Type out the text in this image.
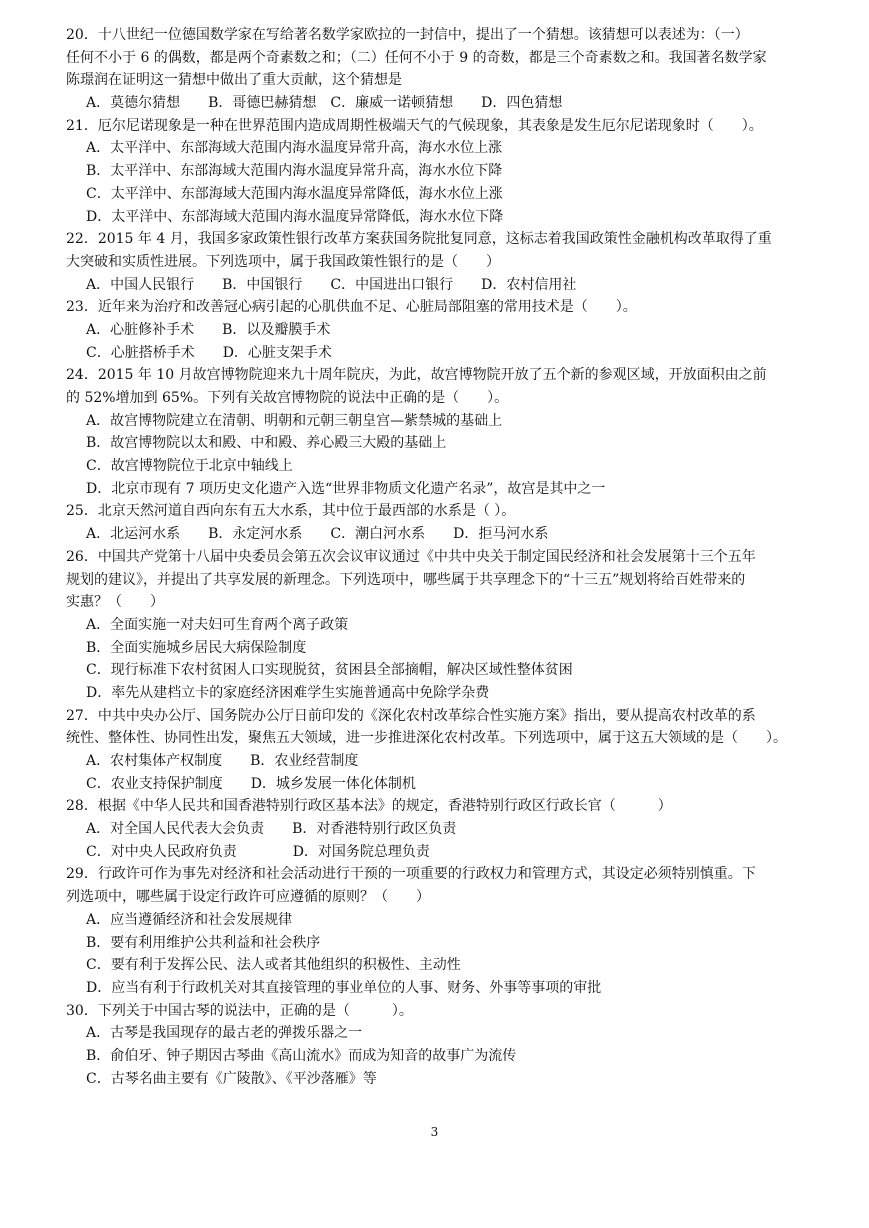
20．十八世纪一位德国数学家在写给著名数学家欧拉的一封信中，提出了一个猜想。该猜想可以表述为：（一）
任何不小于 6 的偶数，都是两个奇素数之和；（二）任何不小于 9 的奇数，都是三个奇素数之和。我国著名数学家
陈璟润在证明这一猜想中做出了重大贡献，这个猜想是
A．莫德尔猜想　　B．哥德巴赫猜想　C．廉威一诺顿猜想　　D．四色猜想
21．厄尔尼诺现象是一种在世界范围内造成周期性极端天气的气候现象，其表象是发生厄尔尼诺现象时（　　）。
A．太平洋中、东部海域大范围内海水温度异常升高，海水水位上涨
B．太平洋中、东部海域大范围内海水温度异常升高，海水水位下降
C．太平洋中、东部海域大范围内海水温度异常降低，海水水位上涨
D．太平洋中、东部海域大范围内海水温度异常降低，海水水位下降
22．2015 年 4 月，我国多家政策性银行改革方案获国务院批复同意，这标志着我国政策性金融机构改革取得了重
大突破和实质性进展。下列选项中，属于我国政策性银行的是（　　）
A．中国人民银行　　B．中国银行　　C．中国进出口银行　　D．农村信用社
23．近年来为治疗和改善冠心病引起的心肌供血不足、心脏局部阻塞的常用技术是（　　）。
A．心脏修补手术　　B．以及瓣膜手术
C．心脏搭桥手术　　D．心脏支架手术
24．2015 年 10 月故宫博物院迎来九十周年院庆，为此，故宫博物院开放了五个新的参观区域，开放面积由之前
的 52%增加到 65%。下列有关故宫博物院的说法中正确的是（　　）。
A．故宫博物院建立在清朝、明朝和元朝三朝皇宫—紫禁城的基础上
B．故宫博物院以太和殿、中和殿、养心殿三大殿的基础上
C．故宫博物院位于北京中轴线上
D．北京市现有 7 项历史文化遗产入选“世界非物质文化遗产名录”，故宫是其中之一
25．北京天然河道自西向东有五大水系，其中位于最西部的水系是（ ）。
A．北运河水系　　B．永定河水系　　C．潮白河水系　　D．拒马河水系
26．中国共产党第十八届中央委员会第五次会议审议通过《中共中央关于制定国民经济和社会发展第十三个五年
规划的建议》，并提出了共享发展的新理念。下列选项中，哪些属于共享理念下的“十三五”规划将给百姓带来的
实惠？（　　）
A．全面实施一对夫妇可生育两个离子政策
B．全面实施城乡居民大病保险制度
C．现行标准下农村贫困人口实现脱贫，贫困县全部摘帽，解决区域性整体贫困
D．率先从建档立卡的家庭经济困难学生实施普通高中免除学杂费
27．中共中央办公厅、国务院办公厅日前印发的《深化农村改革综合性实施方案》指出，要从提高农村改革的系
统性、整体性、协同性出发，聚焦五大领域，进一步推进深化农村改革。下列选项中，属于这五大领域的是（　　）。
A．农村集体产权制度　　B．农业经营制度
C．农业支持保护制度　　D．城乡发展一体化体制机
28．根据《中华人民共和国香港特别行政区基本法》的规定，香港特别行政区行政长官（　　　）
A．对全国人民代表大会负责　　B．对香港特别行政区负责
C．对中央人民政府负责　　　　D．对国务院总理负责
29．行政许可作为事先对经济和社会活动进行干预的一项重要的行政权力和管理方式，其设定必须特别慎重。下
列选项中，哪些属于设定行政许可应遵循的原则？（　　）
A．应当遵循经济和社会发展规律
B．要有利用维护公共利益和社会秩序
C．要有利于发挥公民、法人或者其他组织的积极性、主动性
D．应当有利于行政机关对其直接管理的事业单位的人事、财务、外事等事项的审批
30．下列关于中国古琴的说法中，正确的是（　　　）。
A．古琴是我国现存的最古老的弹拨乐器之一
B．俞伯牙、钟子期因古琴曲《高山流水》而成为知音的故事广为流传
C．古琴名曲主要有《广陵散》、《平沙落雁》等
3
